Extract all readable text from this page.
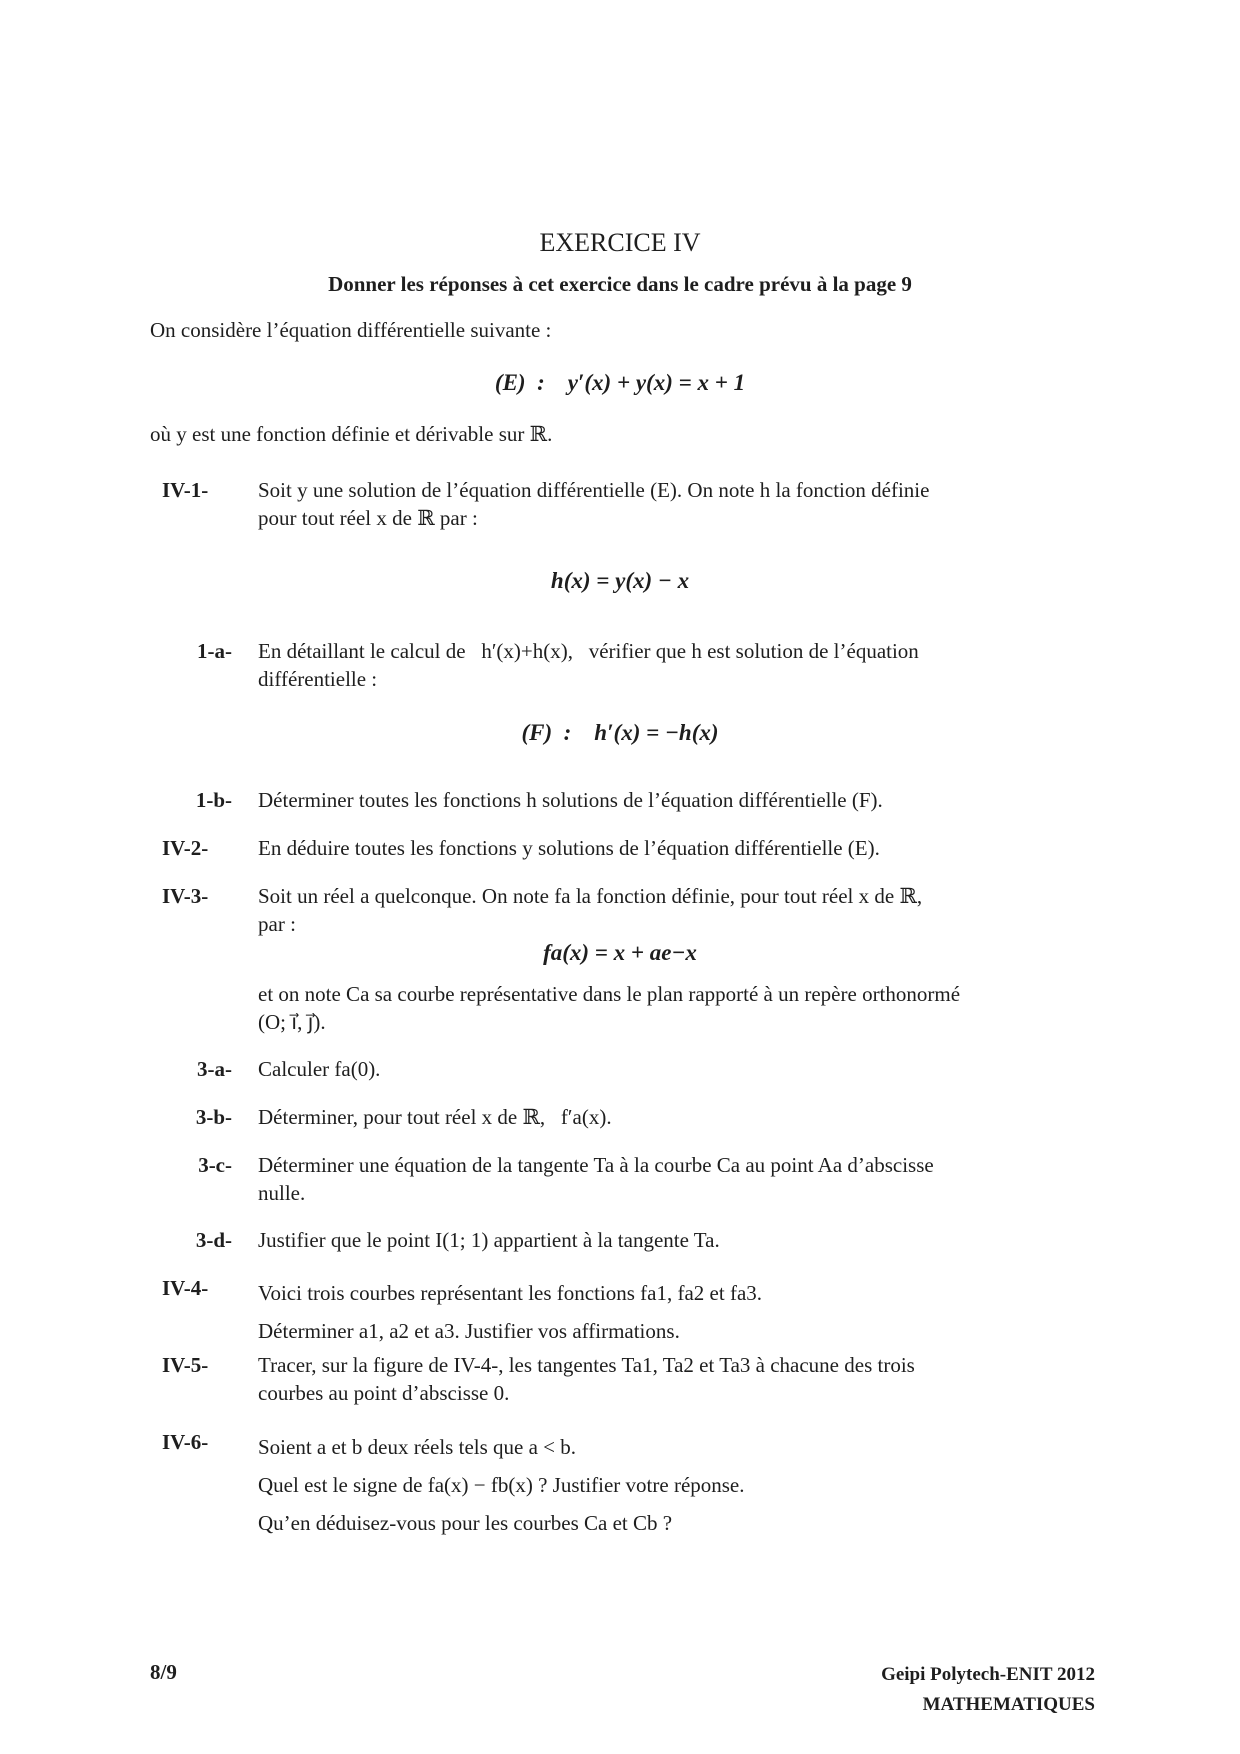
EXERCICE IV
Donner les réponses à cet exercice dans le cadre prévu à la page 9
On considère l’équation différentielle suivante :
(E)  :    y′(x) + y(x) = x + 1
où y est une fonction définie et dérivable sur ℝ.
IV-1-	Soit y une solution de l’équation différentielle (E). On note h la fonction définie
pour tout réel x de ℝ par :
h(x) = y(x) − x
1-a- En détaillant le calcul de   h′(x)+h(x),   vérifier que h est solution de l’équation
différentielle :
(F)  :    h′(x) = −h(x)
1-b- Déterminer toutes les fonctions h solutions de l’équation différentielle (F).
IV-2-	En déduire toutes les fonctions y solutions de l’équation différentielle (E).
IV-3-	Soit un réel a quelconque. On note fa la fonction définie, pour tout réel x de ℝ,
par :
fa(x) = x + ae−x
et on note Ca sa courbe représentative dans le plan rapporté à un repère orthonormé
(O; i⃗, j⃗).
3-a- Calculer fa(0).
3-b- Déterminer, pour tout réel x de ℝ,   f′a(x).
3-c- Déterminer une équation de la tangente Ta à la courbe Ca au point Aa d’abscisse
nulle.
3-d- Justifier que le point I(1; 1) appartient à la tangente Ta.
IV-4-	Voici trois courbes représentant les fonctions fa1, fa2 et fa3.
Déterminer a1, a2 et a3. Justifier vos affirmations.
IV-5-	Tracer, sur la figure de IV-4-, les tangentes Ta1, Ta2 et Ta3 à chacune des trois
courbes au point d’abscisse 0.
IV-6-	Soient a et b deux réels tels que a < b.
Quel est le signe de fa(x) − fb(x) ? Justifier votre réponse.
Qu’en déduisez-vous pour les courbes Ca et Cb ?
8/9	Geipi Polytech-ENIT 2012
MATHEMATIQUES
